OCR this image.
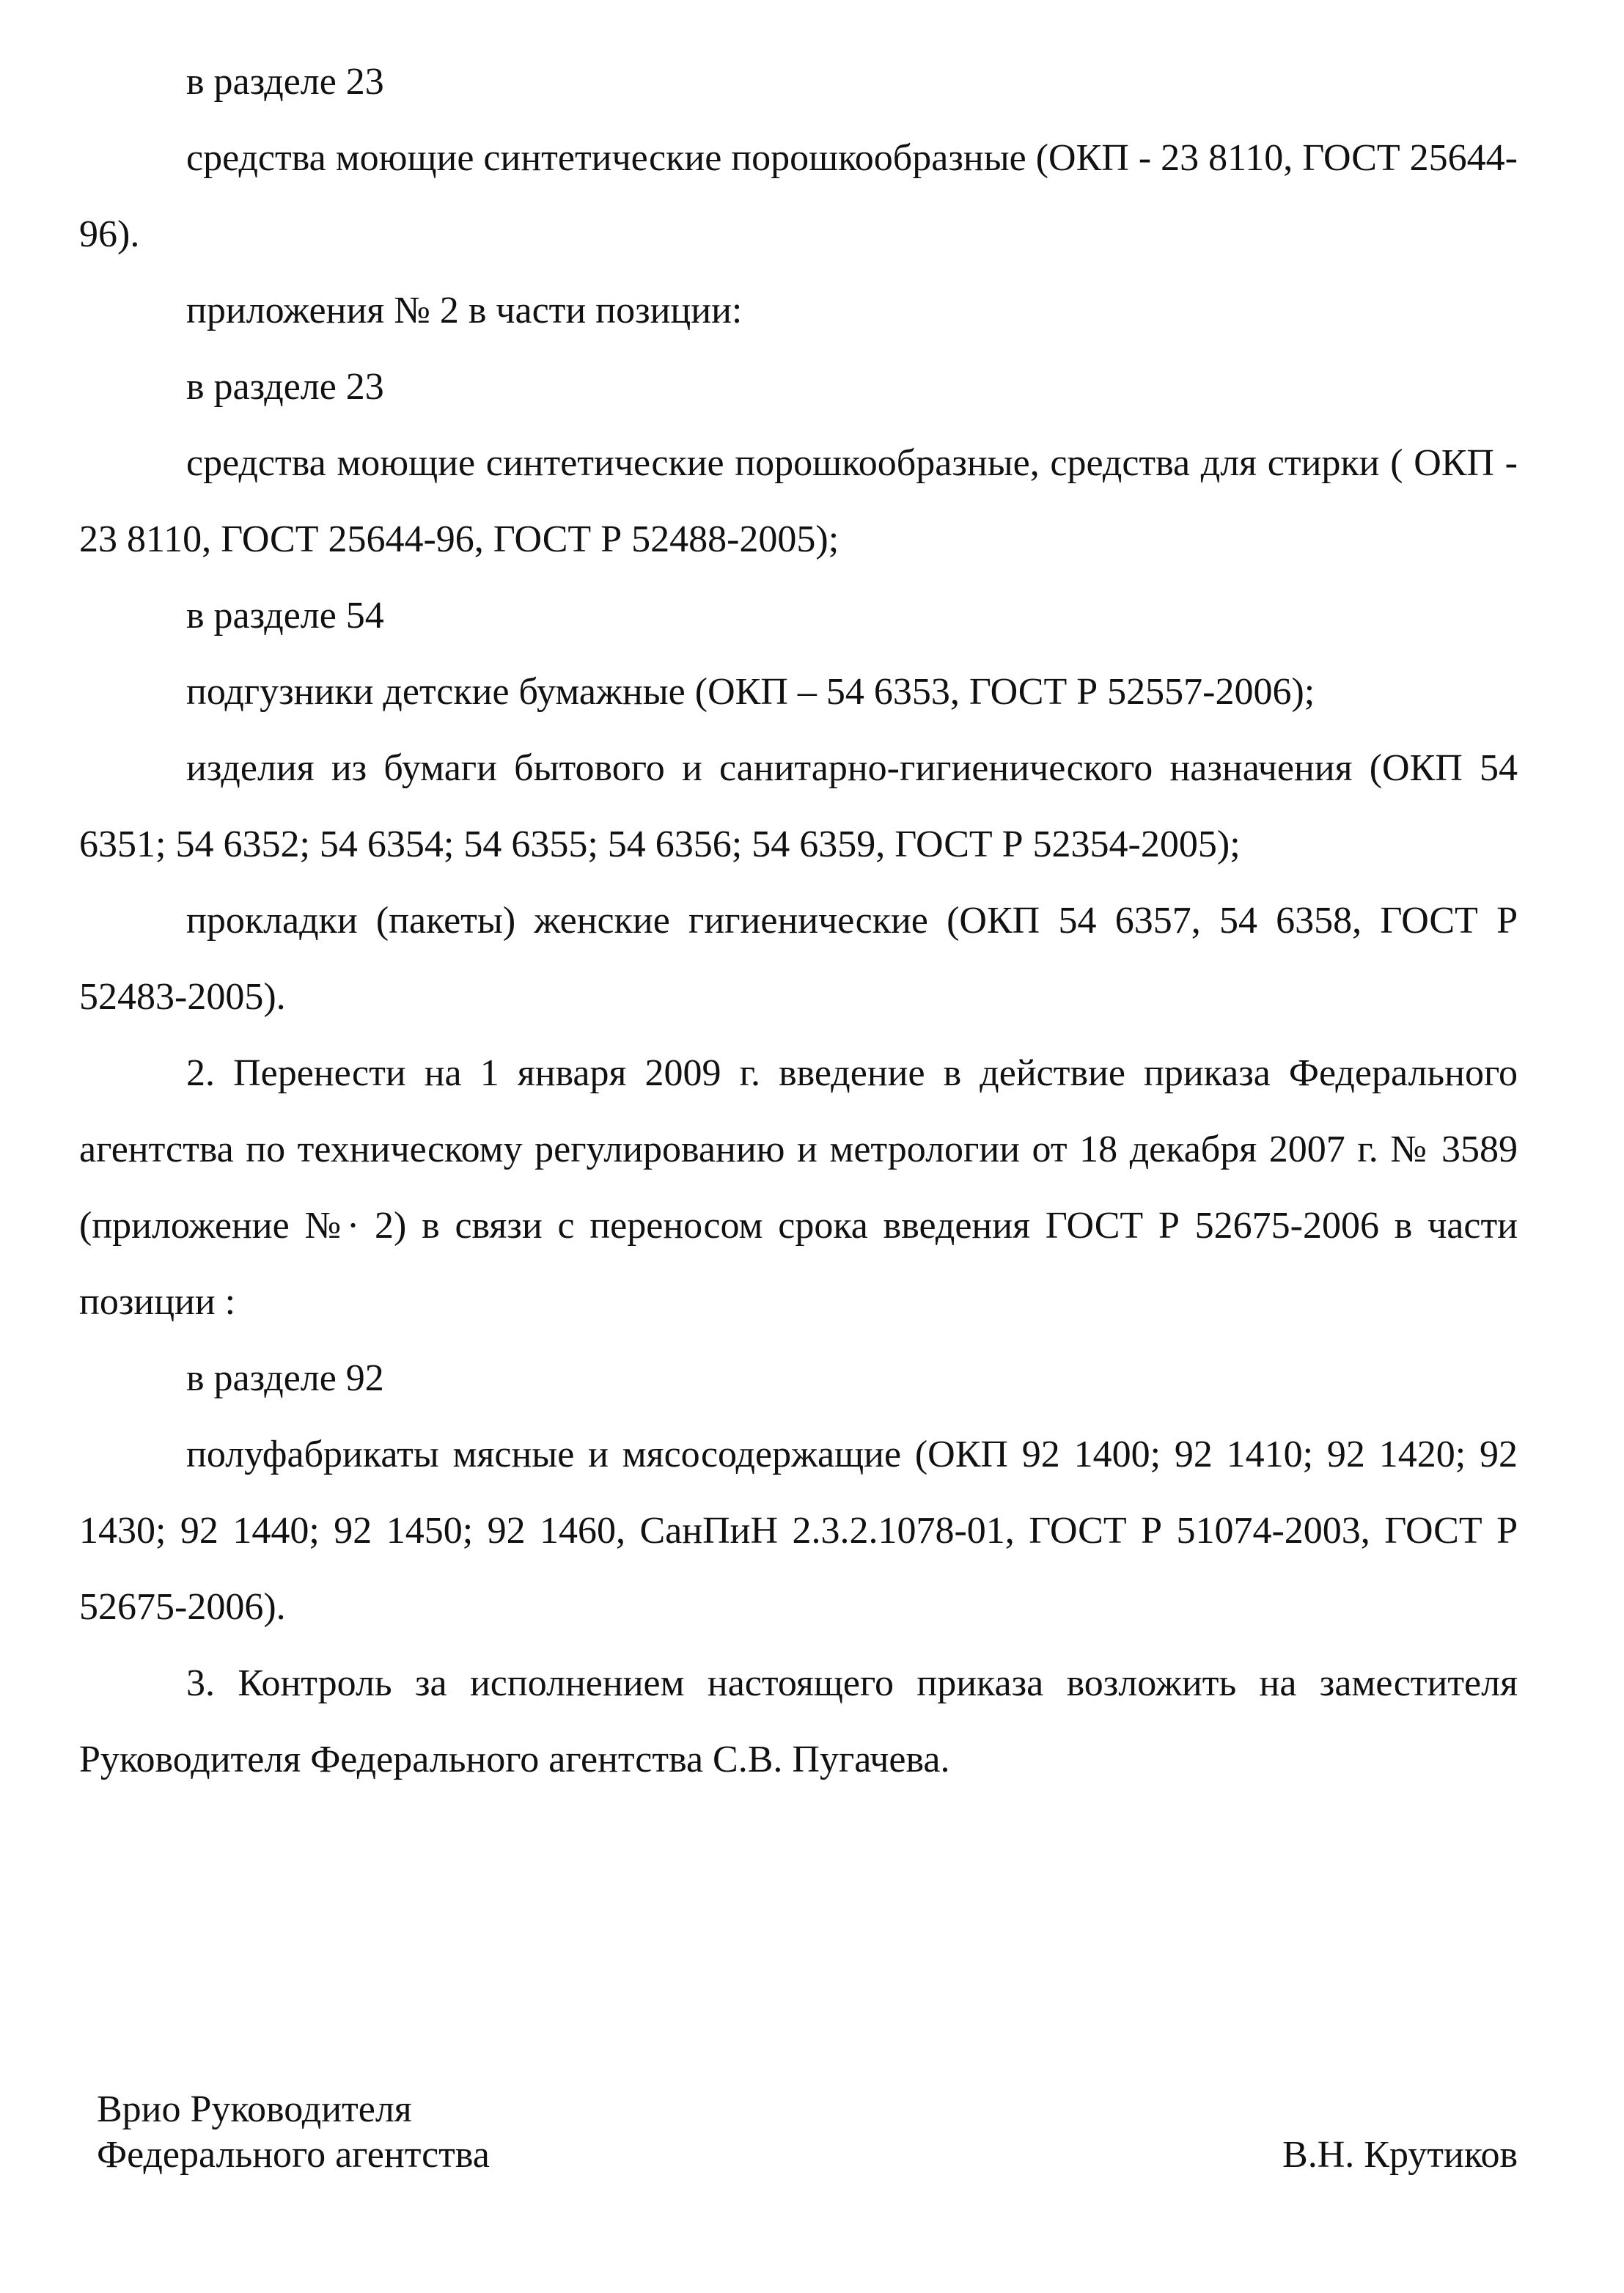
в разделе 23

средства моющие синтетические порошкообразные (ОКП - 23 8110, ГОСТ 25644-96).

приложения № 2 в части позиции:

в разделе 23

средства моющие синтетические порошкообразные, средства для стирки ( ОКП - 23 8110, ГОСТ 25644-96, ГОСТ Р 52488-2005);

в разделе 54

подгузники детские бумажные (ОКП – 54 6353, ГОСТ Р 52557-2006);

изделия из бумаги бытового и санитарно-гигиенического назначения (ОКП 54 6351; 54 6352; 54 6354; 54 6355; 54 6356; 54 6359, ГОСТ Р 52354-2005);

прокладки (пакеты) женские гигиенические (ОКП 54 6357, 54 6358, ГОСТ Р 52483-2005).

2. Перенести на 1 января 2009 г. введение в действие приказа Федерального агентства по техническому регулированию и метрологии от 18 декабря 2007 г. № 3589 (приложение №· 2) в связи с переносом срока введения ГОСТ Р 52675-2006 в части позиции :

в разделе 92

полуфабрикаты мясные и мясосодержащие (ОКП 92 1400; 92 1410; 92 1420; 92 1430; 92 1440; 92 1450; 92 1460, СанПиН 2.3.2.1078-01, ГОСТ Р 51074-2003, ГОСТ Р 52675-2006).

3. Контроль за исполнением настоящего приказа возложить на заместителя Руководителя Федерального агентства С.В. Пугачева.

Врио Руководителя
Федерального агентства	В.Н. Крутиков
